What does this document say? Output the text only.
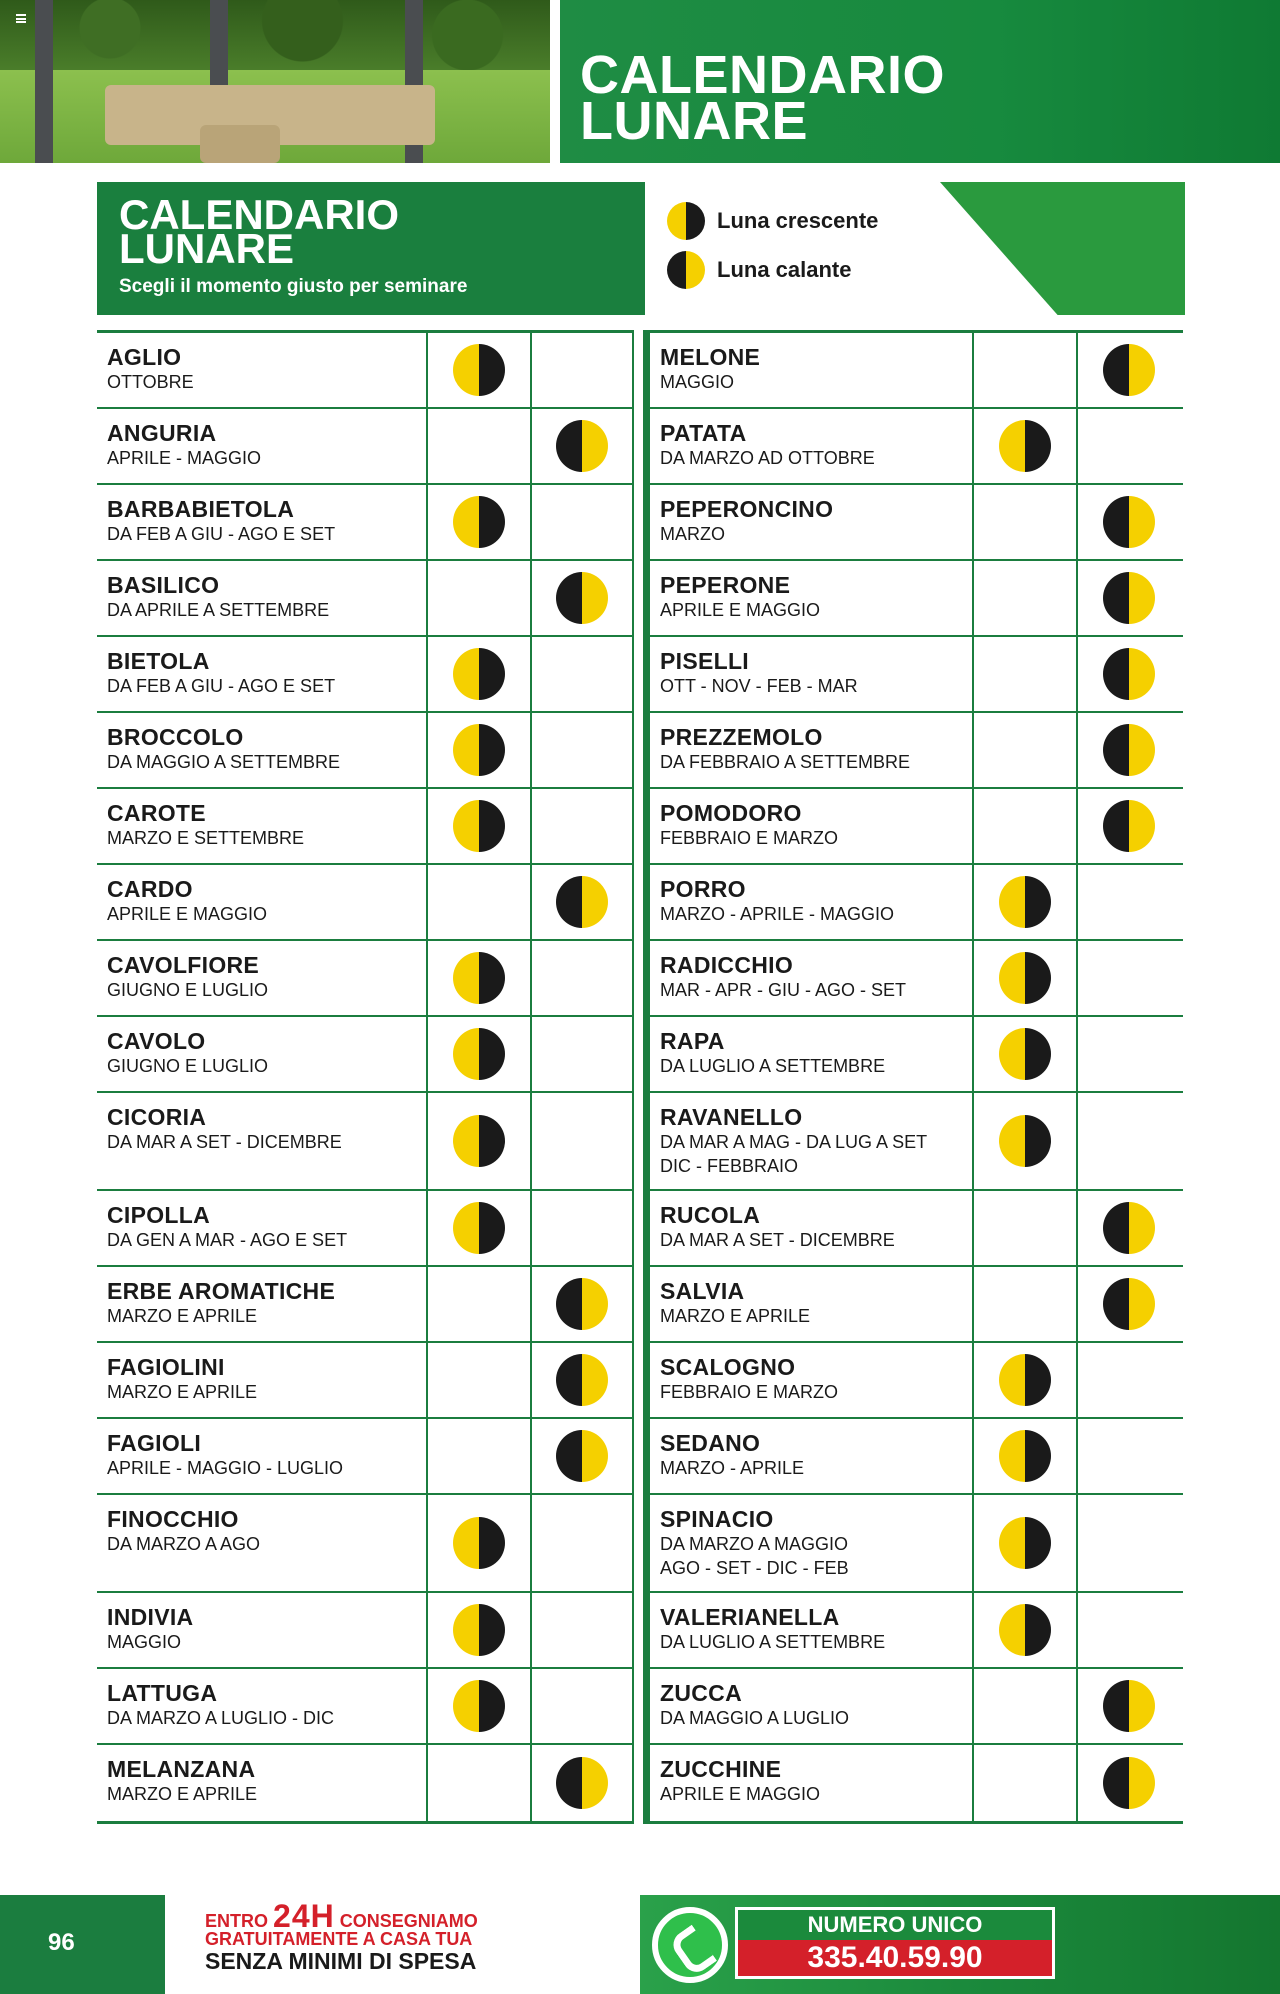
CALENDARIO
LUNARE
CALENDARIO
LUNARE
Scegli il momento giusto per seminare
Luna crescente
Luna calante
AGLIO
OTTOBRE
ANGURIA
APRILE - MAGGIO
BARBABIETOLA
DA FEB A GIU - AGO E SET
BASILICO
DA APRILE A SETTEMBRE
BIETOLA
DA FEB A GIU - AGO E SET
BROCCOLO
DA MAGGIO A SETTEMBRE
CAROTE
MARZO E SETTEMBRE
CARDO
APRILE E MAGGIO
CAVOLFIORE
GIUGNO E LUGLIO
CAVOLO
GIUGNO E LUGLIO
CICORIA
DA MAR A SET - DICEMBRE
CIPOLLA
DA GEN A MAR - AGO E SET
ERBE AROMATICHE
MARZO E APRILE
FAGIOLINI
MARZO E APRILE
FAGIOLI
APRILE - MAGGIO - LUGLIO
FINOCCHIO
DA MARZO A AGO
INDIVIA
MAGGIO
LATTUGA
DA MARZO A LUGLIO - DIC
MELANZANA
MARZO E APRILE
MELONE
MAGGIO
PATATA
DA MARZO AD OTTOBRE
PEPERONCINO
MARZO
PEPERONE
APRILE E MAGGIO
PISELLI
OTT - NOV - FEB - MAR
PREZZEMOLO
DA FEBBRAIO A SETTEMBRE
POMODORO
FEBBRAIO E MARZO
PORRO
MARZO - APRILE - MAGGIO
RADICCHIO
MAR - APR - GIU - AGO - SET
RAPA
DA LUGLIO A SETTEMBRE
RAVANELLO
DA MAR A MAG - DA LUG A SET
DIC - FEBBRAIO
RUCOLA
DA MAR A SET - DICEMBRE
SALVIA
MARZO E APRILE
SCALOGNO
FEBBRAIO E MARZO
SEDANO
MARZO - APRILE
SPINACIO
DA MARZO A MAGGIO
AGO - SET - DIC - FEB
VALERIANELLA
DA LUGLIO A SETTEMBRE
ZUCCA
DA MAGGIO A LUGLIO
ZUCCHINE
APRILE E MAGGIO
96
ENTRO 24H CONSEGNIAMO
GRATUITAMENTE A CASA TUA
SENZA MINIMI DI SPESA
NUMERO UNICO
335.40.59.90
